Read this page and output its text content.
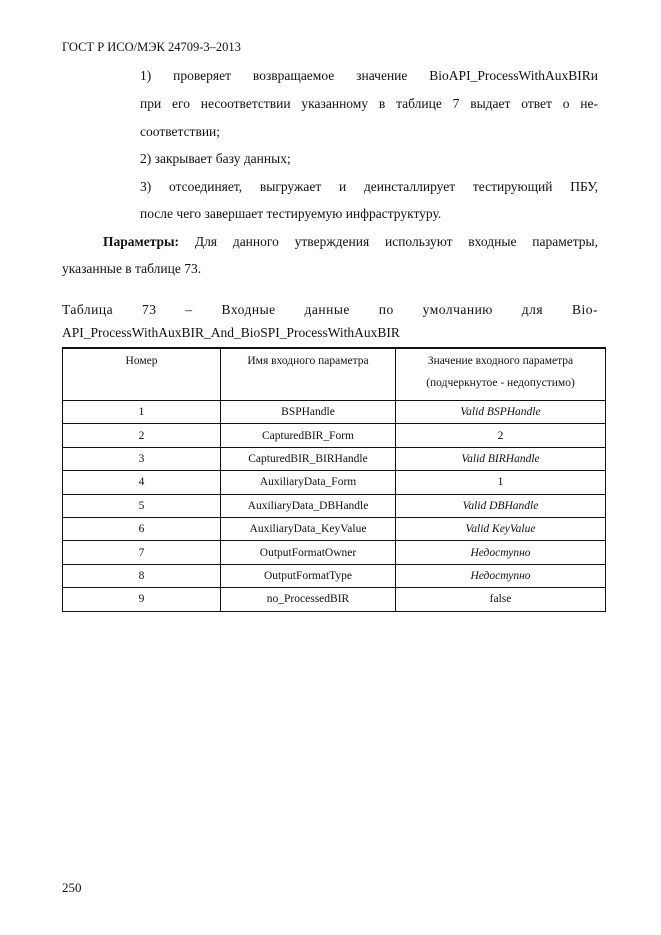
ГОСТ Р ИСО/МЭК 24709-3–2013
1) проверяет возвращаемое значение BioAPI_ProcessWithAuxBIRи
при его несоответствии указанному в таблице 7 выдает ответ о не-
соответствии;
2) закрывает базу данных;
3) отсоединяет, выгружает и деинсталлирует тестирующий ПБУ,
после чего завершает тестируемую инфраструктуру.
Параметры: Для данного утверждения используют входные параметры,
указанные в таблице 73.
Таблица 73 – Входные данные по умолчанию для Bio-
API_ProcessWithAuxBIR_And_BioSPI_ProcessWithAuxBIR
Номер	Имя входного параметра	Значение входного параметра
(подчеркнутое - недопустимо)

1	BSPHandle	Valid BSPHandle
2	CapturedBIR_Form	2
3	CapturedBIR_BIRHandle	Valid BIRHandle
4	AuxiliaryData_Form	1
5	AuxiliaryData_DBHandle	Valid DBHandle
6	AuxiliaryData_KeyValue	Valid KeyValue
7	OutputFormatOwner	Недоступно
8	OutputFormatType	Недоступно
9	no_ProcessedBIR	false
250
